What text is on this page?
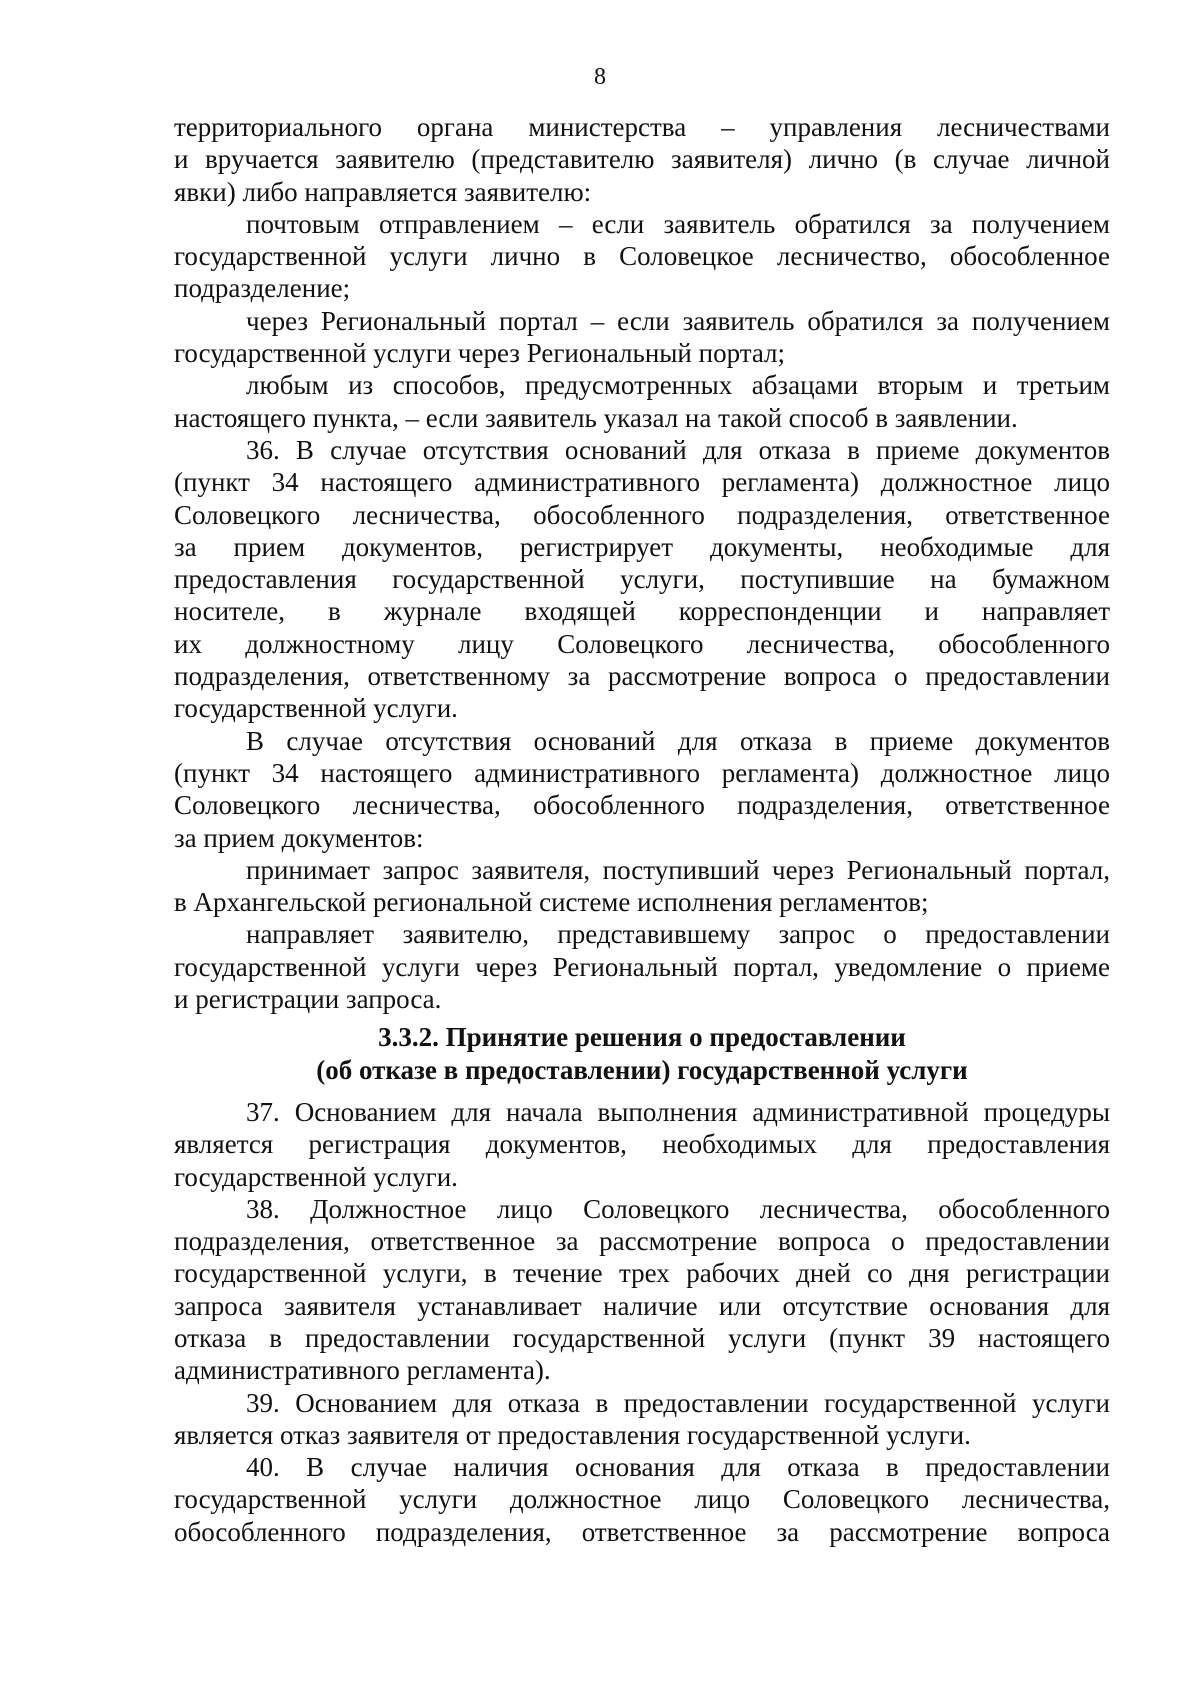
8
территориального органа министерства – управления лесничествами
и вручается заявителю (представителю заявителя) лично (в случае личной
явки) либо направляется заявителю:
почтовым отправлением – если заявитель обратился за получением
государственной услуги лично в Соловецкое лесничество, обособленное
подразделение;
через Региональный портал – если заявитель обратился за получением
государственной услуги через Региональный портал;
любым из способов, предусмотренных абзацами вторым и третьим
настоящего пункта, – если заявитель указал на такой способ в заявлении.
36. В случае отсутствия оснований для отказа в приеме документов
(пункт 34 настоящего административного регламента) должностное лицо
Соловецкого лесничества, обособленного подразделения, ответственное
за прием документов, регистрирует документы, необходимые для
предоставления государственной услуги, поступившие на бумажном
носителе, в журнале входящей корреспонденции и направляет
их должностному лицу Соловецкого лесничества, обособленного
подразделения, ответственному за рассмотрение вопроса о предоставлении
государственной услуги.
В случае отсутствия оснований для отказа в приеме документов
(пункт 34 настоящего административного регламента) должностное лицо
Соловецкого лесничества, обособленного подразделения, ответственное
за прием документов:
принимает запрос заявителя, поступивший через Региональный портал,
в Архангельской региональной системе исполнения регламентов;
направляет заявителю, представившему запрос о предоставлении
государственной услуги через Региональный портал, уведомление о приеме
и регистрации запроса.
3.3.2. Принятие решения о предоставлении
(об отказе в предоставлении) государственной услуги
37. Основанием для начала выполнения административной процедуры
является регистрация документов, необходимых для предоставления
государственной услуги.
38. Должностное лицо Соловецкого лесничества, обособленного
подразделения, ответственное за рассмотрение вопроса о предоставлении
государственной услуги, в течение трех рабочих дней со дня регистрации
запроса заявителя устанавливает наличие или отсутствие основания для
отказа в предоставлении государственной услуги (пункт 39 настоящего
административного регламента).
39. Основанием для отказа в предоставлении государственной услуги
является отказ заявителя от предоставления государственной услуги.
40. В случае наличия основания для отказа в предоставлении
государственной услуги должностное лицо Соловецкого лесничества,
обособленного подразделения, ответственное за рассмотрение вопроса
